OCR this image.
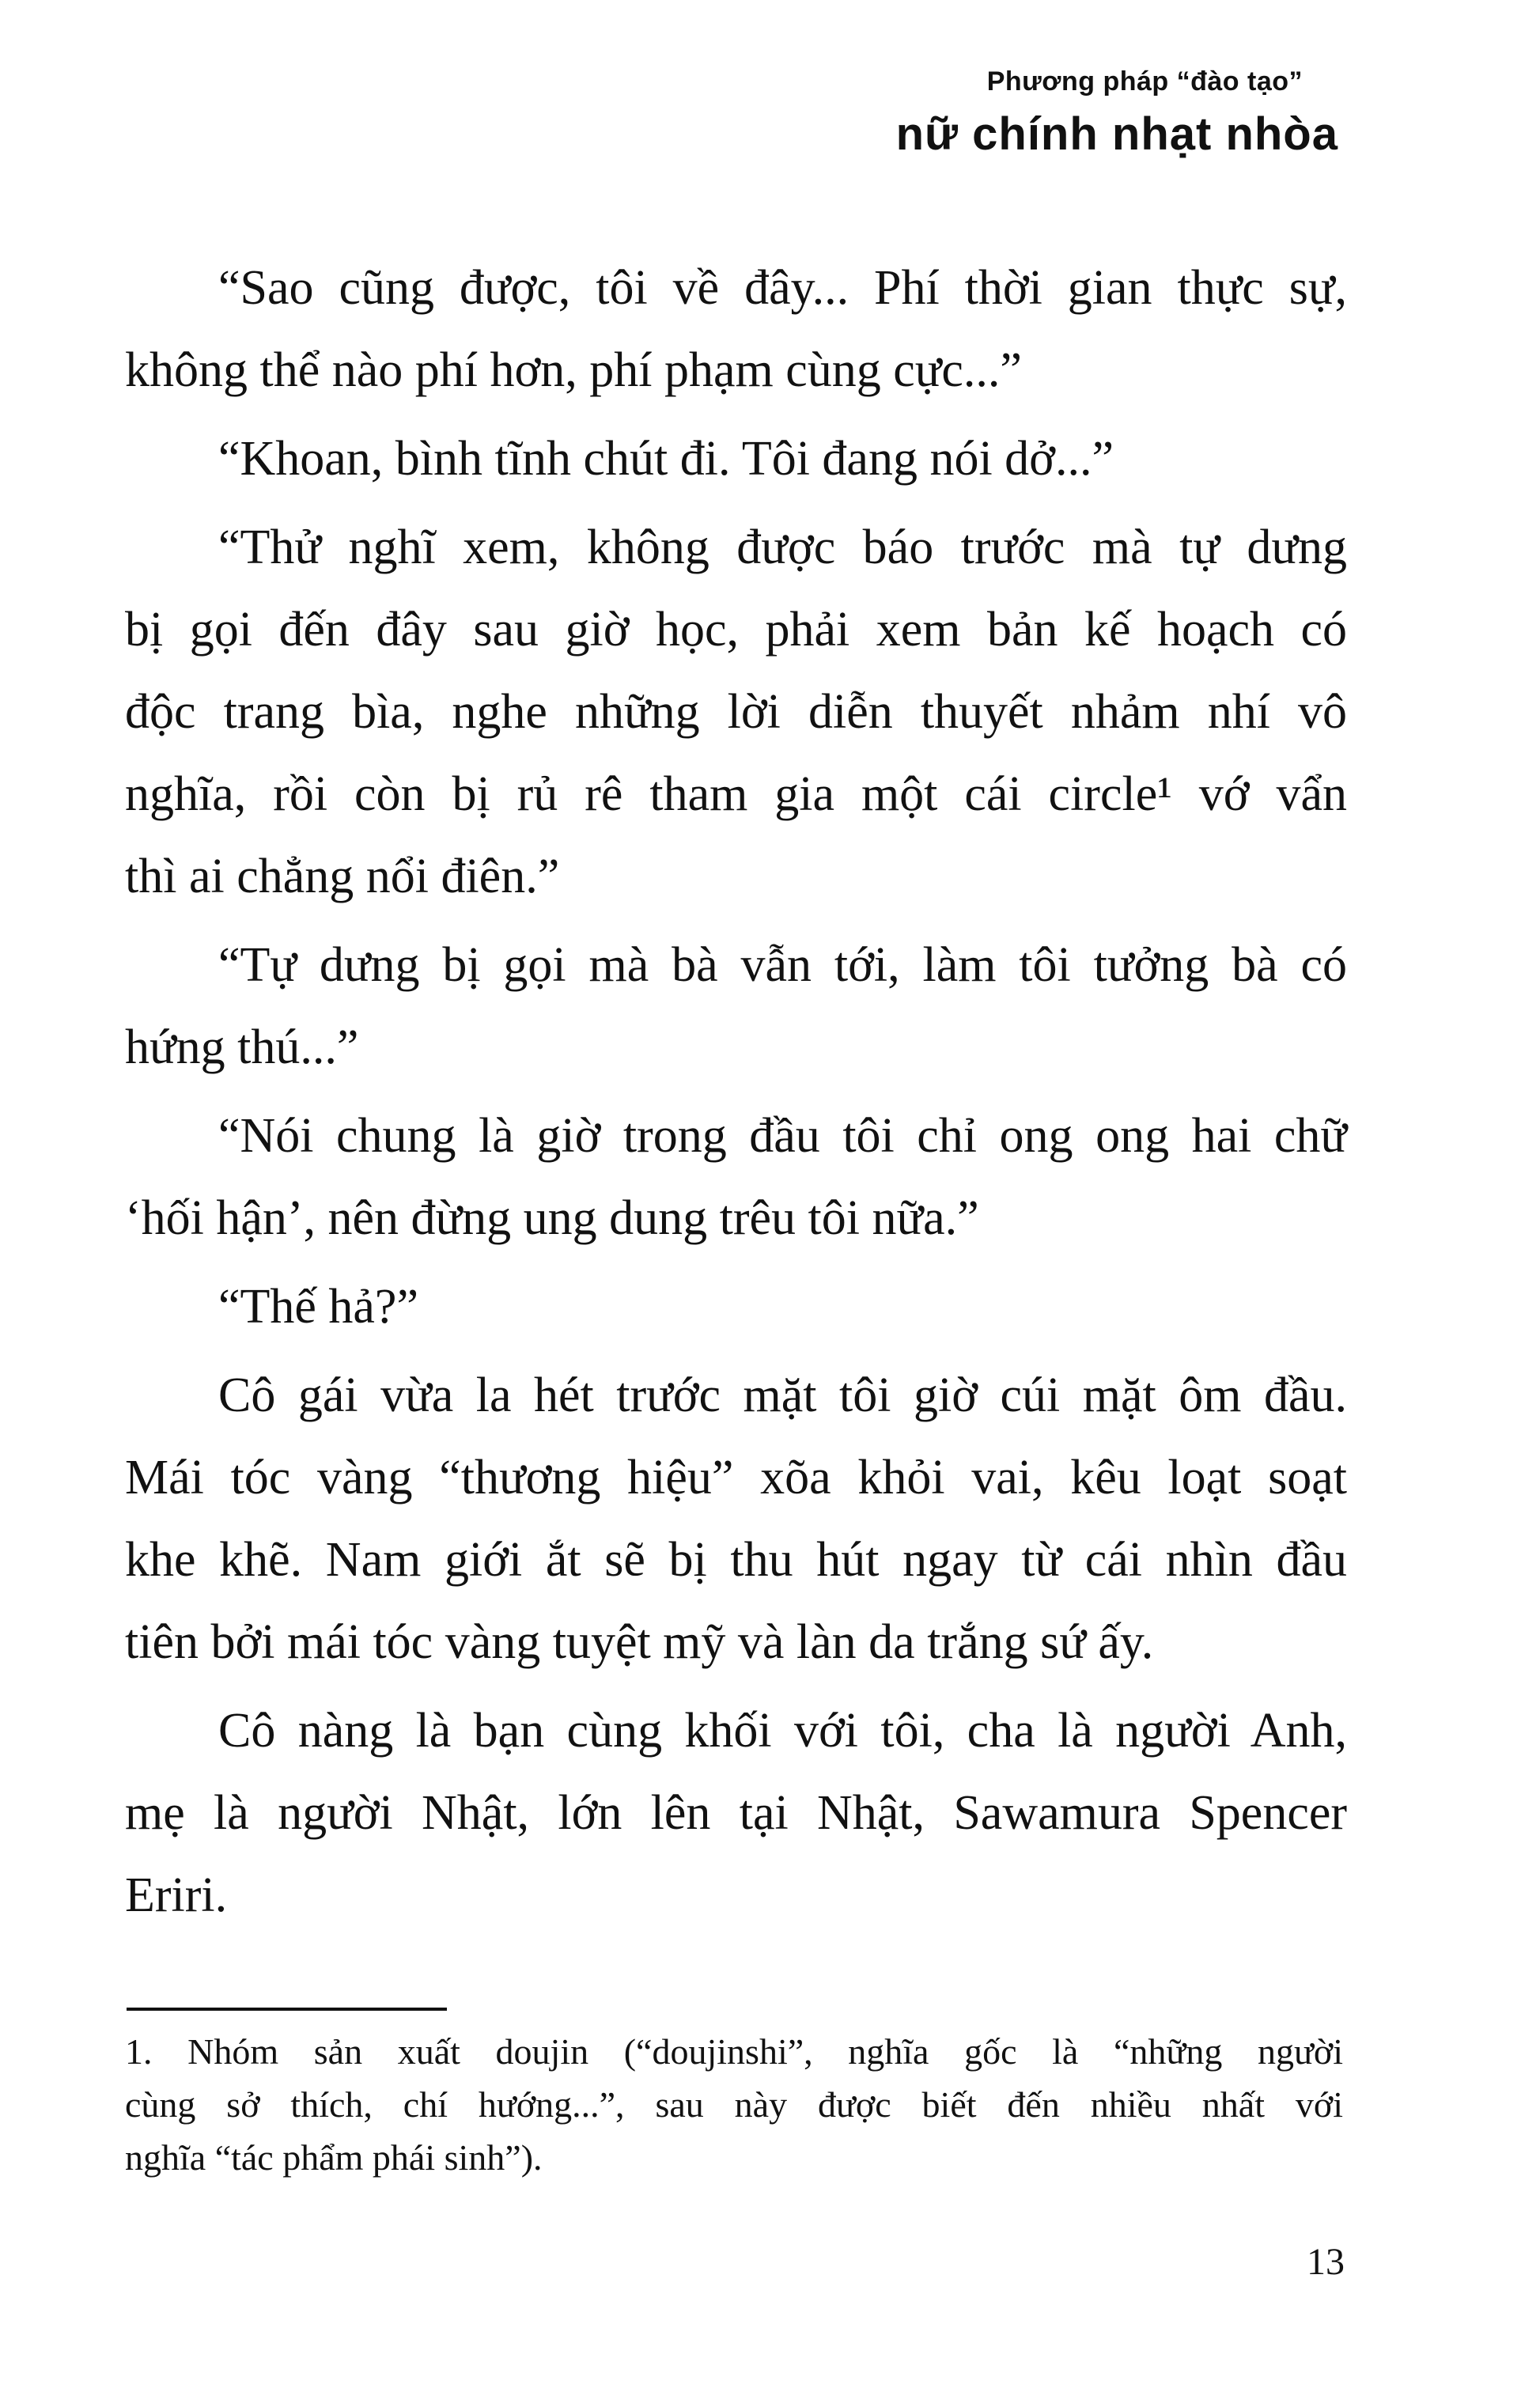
Phương pháp “đào tạo”
nữ chính nhạt nhòa
“Sao cũng được, tôi về đây... Phí thời gian thực sự,
không thể nào phí hơn, phí phạm cùng cực...”
“Khoan, bình tĩnh chút đi. Tôi đang nói dở...”
“Thử nghĩ xem, không được báo trước mà tự dưng
bị gọi đến đây sau giờ học, phải xem bản kế hoạch có
độc trang bìa, nghe những lời diễn thuyết nhảm nhí vô
nghĩa, rồi còn bị rủ rê tham gia một cái circle¹ vớ vẩn
thì ai chẳng nổi điên.”
“Tự dưng bị gọi mà bà vẫn tới, làm tôi tưởng bà có
hứng thú...”
“Nói chung là giờ trong đầu tôi chỉ ong ong hai chữ
‘hối hận’, nên đừng ung dung trêu tôi nữa.”
“Thế hả?”
Cô gái vừa la hét trước mặt tôi giờ cúi mặt ôm đầu.
Mái tóc vàng “thương hiệu” xõa khỏi vai, kêu loạt soạt
khe khẽ. Nam giới ắt sẽ bị thu hút ngay từ cái nhìn đầu
tiên bởi mái tóc vàng tuyệt mỹ và làn da trắng sứ ấy.
Cô nàng là bạn cùng khối với tôi, cha là người Anh,
mẹ là người Nhật, lớn lên tại Nhật, Sawamura Spencer
Eriri.
1. Nhóm sản xuất doujin (“doujinshi”, nghĩa gốc là “những người
cùng sở thích, chí hướng...”, sau này được biết đến nhiều nhất với
nghĩa “tác phẩm phái sinh”).
13
